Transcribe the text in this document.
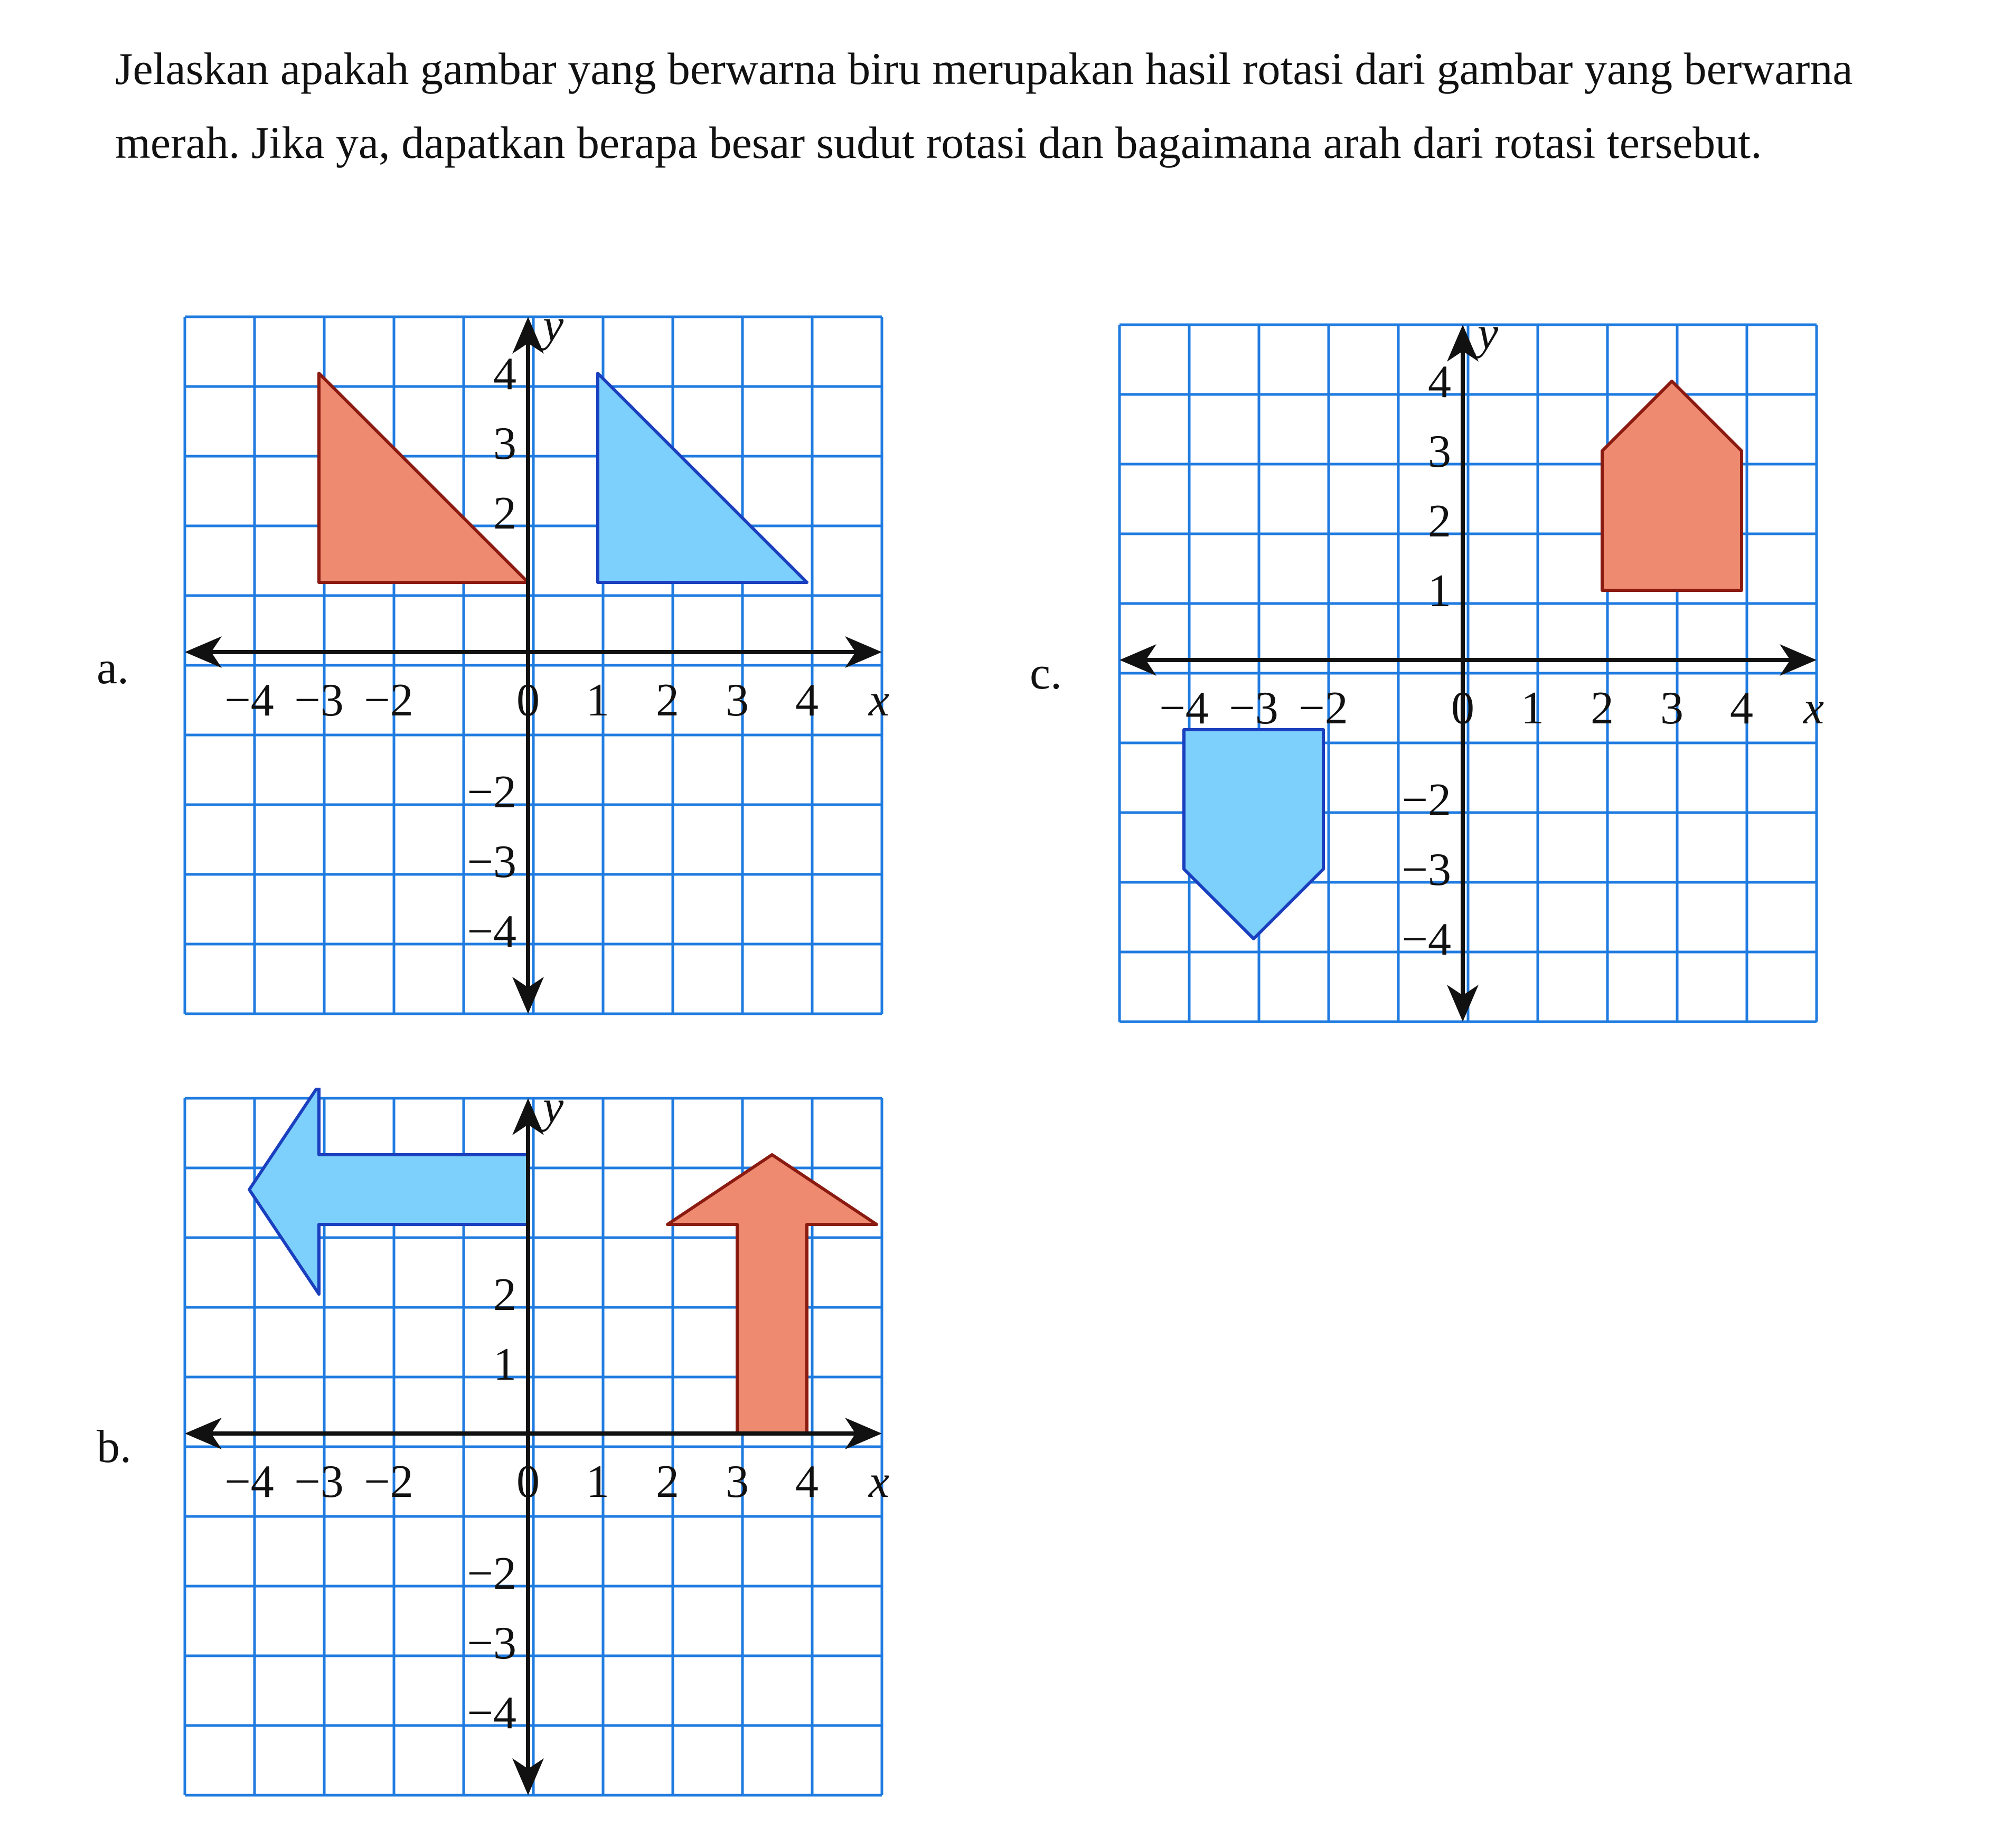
Jelaskan apakah gambar yang berwarna biru merupakan hasil rotasi dari gambar yang berwarna merah. Jika ya, dapatkan berapa besar sudut rotasi dan bagaimana arah dari rotasi tersebut.

a.
x
y
−4 −3 −2 0 1 2 3 4
4
3
2
−2
−3
−4
c.
x
y
−4 −3 −2 0 1 2 3 4
4
3
2
1
−2
−3
−4
b.
x
y
−4 −3 −2 0 1 2 3 4
2
1
−2
−3
−4
